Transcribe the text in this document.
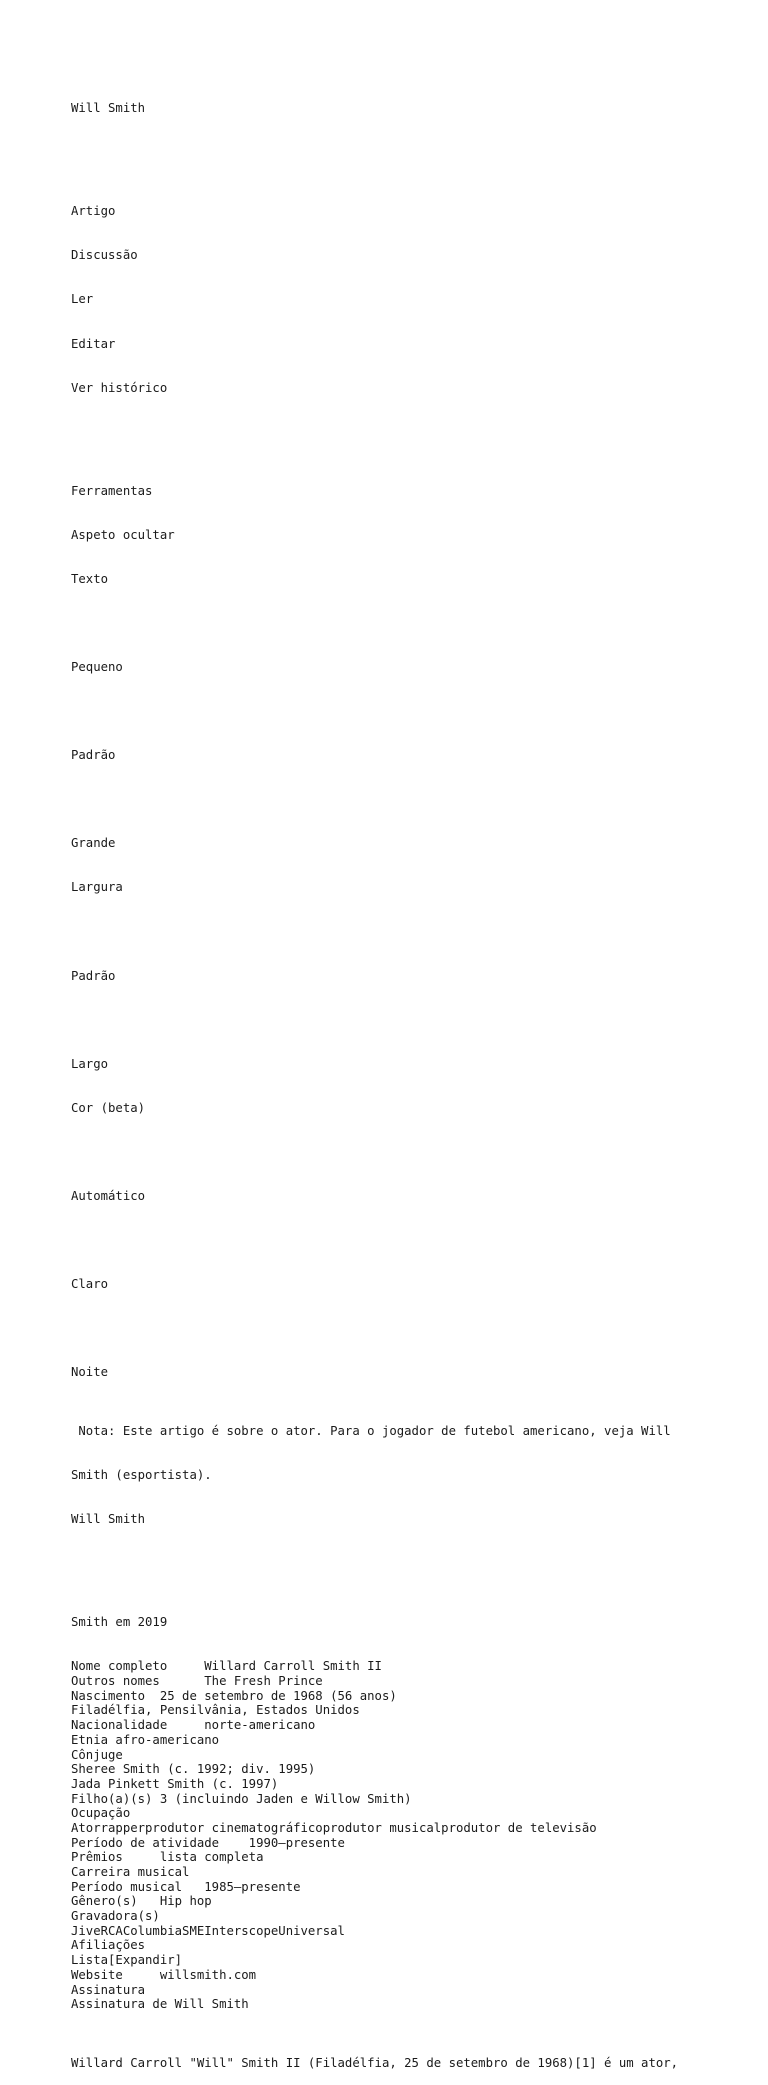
Will Smith

Artigo

Discussão

Ler

Editar

Ver histórico

Ferramentas

Aspeto ocultar

Texto

Pequeno

Padrão

Grande

Largura

Padrão

Largo

Cor (beta)

Automático

Claro

Noite

Nota: Este artigo é sobre o ator. Para o jogador de futebol americano, veja Will

Smith (esportista).

Will Smith

Smith em 2019

Nome completo     Willard Carroll Smith II
Outros nomes      The Fresh Prince
Nascimento  25 de setembro de 1968 (56 anos)
Filadélfia, Pensilvânia, Estados Unidos
Nacionalidade     norte-americano
Etnia afro-americano
Cônjuge
Sheree Smith (c. 1992; div. 1995)
Jada Pinkett Smith (c. 1997)
Filho(a)(s) 3 (incluindo Jaden e Willow Smith)
Ocupação
Atorrapperprodutor cinematográficoprodutor musicalprodutor de televisão
Período de atividade    1990–presente
Prêmios     lista completa
Carreira musical
Período musical   1985–presente
Gênero(s)   Hip hop
Gravadora(s)
JiveRCAColumbiaSMEInterscopeUniversal
Afiliações
Lista[Expandir]
Website     willsmith.com
Assinatura
Assinatura de Will Smith

Willard Carroll "Will" Smith II (Filadélfia, 25 de setembro de 1968)[1] é um ator,
